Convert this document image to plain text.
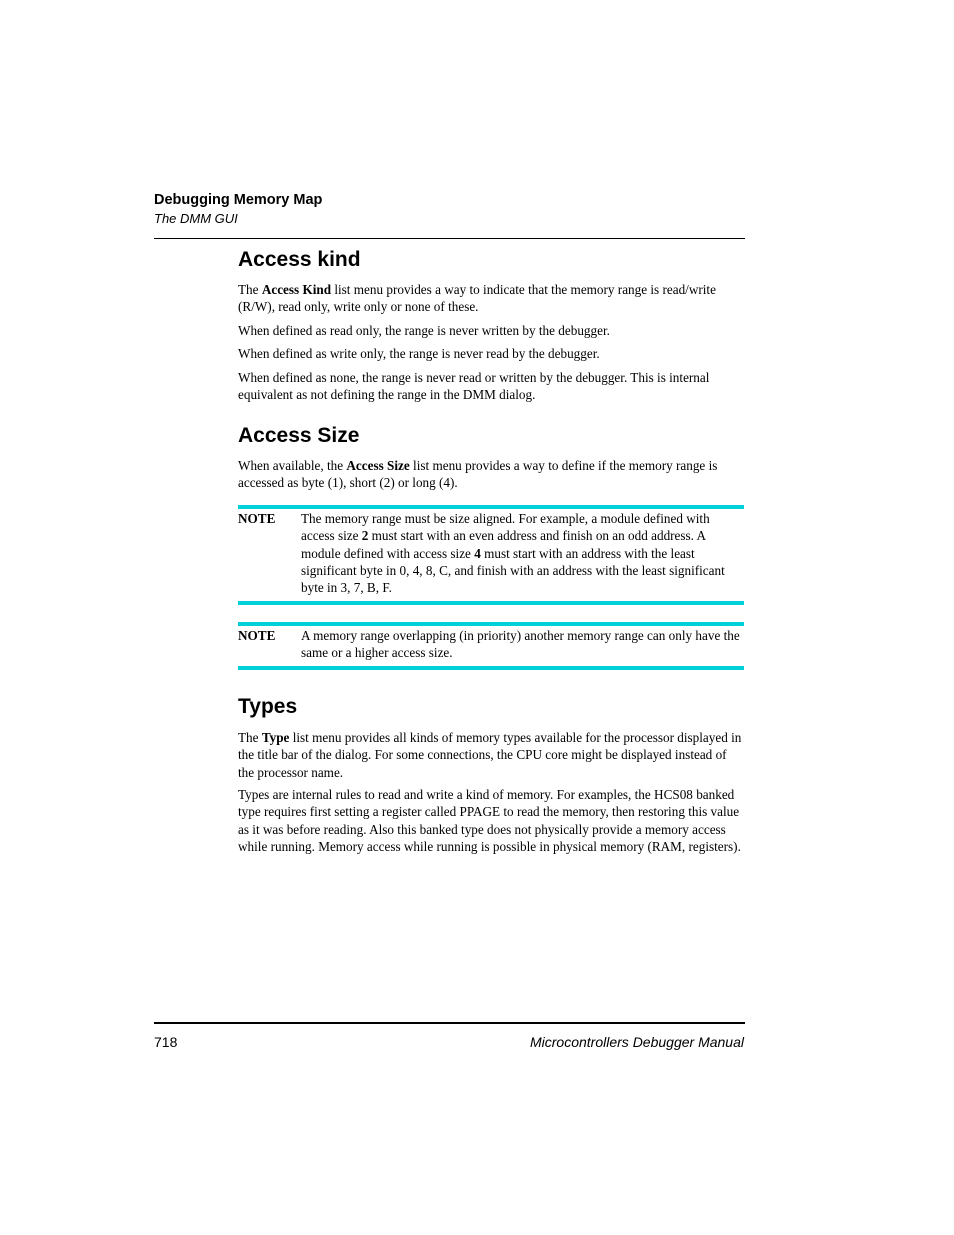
Debugging Memory Map
The DMM GUI
Access kind

The Access Kind list menu provides a way to indicate that the memory range is read/write (R/W), read only, write only or none of these.

When defined as read only, the range is never written by the debugger.

When defined as write only, the range is never read by the debugger.

When defined as none, the range is never read or written by the debugger. This is internal equivalent as not defining the range in the DMM dialog.

Access Size

When available, the Access Size list menu provides a way to define if the memory range is accessed as byte (1), short (2) or long (4).

NOTE The memory range must be size aligned. For example, a module defined with access size 2 must start with an even address and finish on an odd address. A module defined with access size 4 must start with an address with the least significant byte in 0, 4, 8, C, and finish with an address with the least significant byte in 3, 7, B, F.

NOTE A memory range overlapping (in priority) another memory range can only have the same or a higher access size.

Types

The Type list menu provides all kinds of memory types available for the processor displayed in the title bar of the dialog. For some connections, the CPU core might be displayed instead of the processor name.

Types are internal rules to read and write a kind of memory. For examples, the HCS08 banked type requires first setting a register called PPAGE to read the memory, then restoring this value as it was before reading. Also this banked type does not physically provide a memory access while running. Memory access while running is possible in physical memory (RAM, registers).

718	Microcontrollers Debugger Manual
